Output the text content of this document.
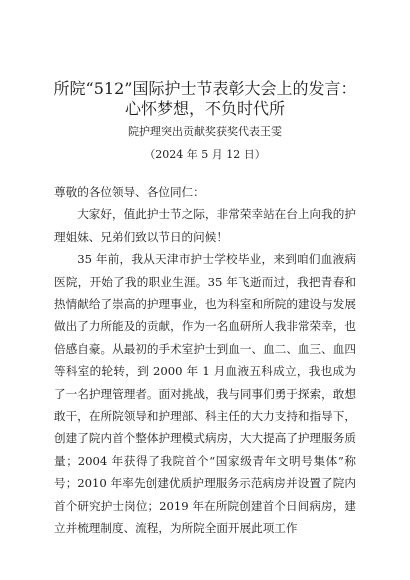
所院“512”国际护士节表彰大会上的发言：
心怀梦想，不负时代所
院护理突出贡献奖获奖代表王雯
（2024 年 5 月 12 日）

尊敬的各位领导、各位同仁：

大家好，值此护士节之际，非常荣幸站在台上向我的护理姐妹、兄弟们致以节日的问候！

35 年前，我从天津市护士学校毕业，来到咱们血液病医院，开始了我的职业生涯。35 年飞逝而过，我把青春和热情献给了崇高的护理事业，也为科室和所院的建设与发展做出了力所能及的贡献，作为一名血研所人我非常荣幸，也倍感自豪。从最初的手术室护士到血一、血二、血三、血四等科室的轮转，到 2000 年 1 月血液五科成立，我也成为了一名护理管理者。面对挑战，我与同事们勇于探索，敢想敢干，在所院领导和护理部、科主任的大力支持和指导下，创建了院内首个整体护理模式病房，大大提高了护理服务质量；2004 年获得了我院首个“国家级青年文明号集体”称号；2010 年率先创建优质护理服务示范病房并设置了院内首个研究护士岗位；2019 年在所院创建首个日间病房，建立并梳理制度、流程，为所院全面开展此项工作
